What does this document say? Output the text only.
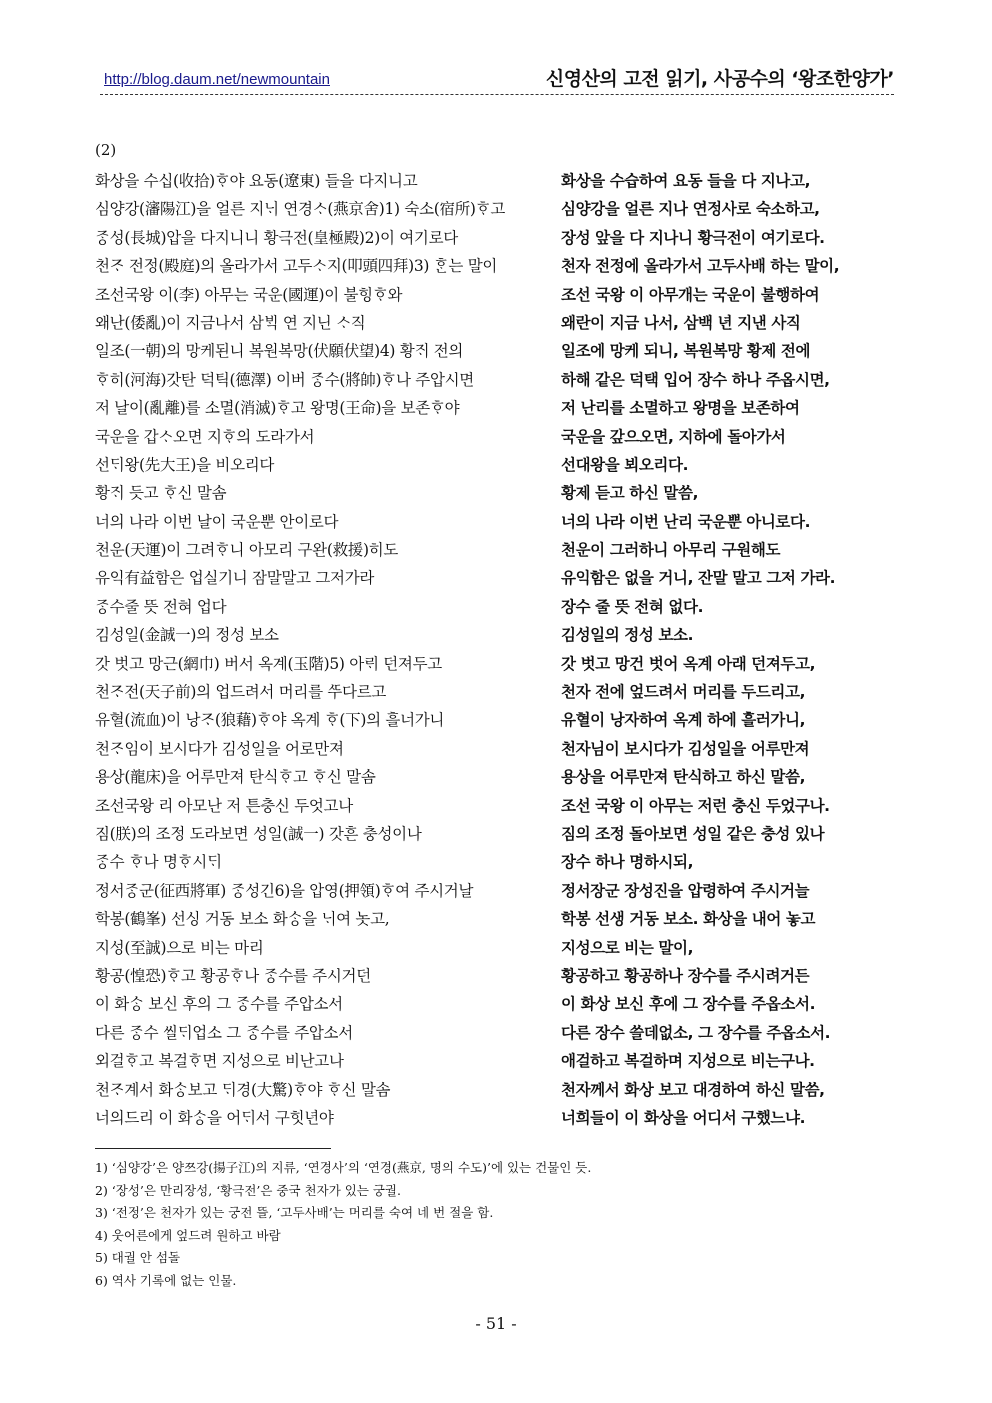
http://blog.daum.net/newmountain	신영산의 고전 읽기, 사공수의 ‘왕조한양가’
(2)
화상을 수십(收拾)ᄒᆞ야 요동(遼東) 들을 다지니고	화상을 수습하여 요동 들을 다 지나고,
심양강(瀋陽江)을 얼른 지ᄂᆡ 연경ᄉᆞ(燕京舍)1) 숙소(宿所)ᄒᆞ고	심양강을 얼른 지나 연정사로 숙소하고,
ᄌᆞᆼ성(長城)압을 다지니니 황극전(皇極殿)2)이 여기로다	장성 앞을 다 지나니 황극전이 여기로다.
천ᄌᆞ 전정(殿庭)의 올라가서 고두ᄉᆞ지(叩頭四拜)3) ᄒᆞᆫ는 말이	천자 전정에 올라가서 고두사배 하는 말이,
조선국왕 이(李) 아무는 국운(國運)이 불힝ᄒᆞ와	조선 국왕 이 아무개는 국운이 불행하여
왜난(倭亂)이 지금나서 삼ᄇᆡᆨ 연 지닌 ᄉᆞ직	왜란이 지금 나서, 삼백 년 지낸 사직
일조(一朝)의 망케된니 복원복망(伏願伏望)4) 황ᄌᆡ 전의	일조에 망케 되니, 복원복망 황제 전에
ᄒᆞ히(河海)갓탄 덕틱(德澤) 이버 ᄌᆞᆼ수(將帥)ᄒᆞ나 주압시면	하해 같은 덕택 입어 장수 하나 주옵시면,
저 날이(亂離)를 소멸(消滅)ᄒᆞ고 왕명(王命)을 보존ᄒᆞ야	저 난리를 소멸하고 왕명을 보존하여
국운을 갑ᄉᆞ오면 지ᄒᆞ의 도라가서	국운을 갚으오면, 지하에 돌아가서
선ᄃᆡ왕(先大王)을 비오리다	선대왕을 뵈오리다.
황ᄌᆡ 듯고 ᄒᆞ신 말솜	황제 듣고 하신 말씀,
너의 나라 이번 날이 국운뿐 안이로다	너의 나라 이번 난리 국운뿐 아니로다.
천운(天運)이 그려ᄒᆞ니 아모리 구완(救援)히도	천운이 그러하니 아무리 구원해도
유익有益함은 업실기니 잠말말고 그저가라	유익함은 없을 거니, 잔말 말고 그저 가라.
ᄌᆞᆼ수줄 뜻 전혀 업다	장수 줄 뜻 전혀 없다.
김성일(金誠一)의 정성 보소	김성일의 정성 보소.
갓 벗고 망근(網巾) 버서 옥계(玉階)5) 아ᄅᆡ 던져두고	갓 벗고 망건 벗어 옥계 아래 던져두고,
천ᄌᆞ전(天子前)의 업드려서 머리를 ᄯᅮ다르고	천자 전에 엎드려서 머리를 두드리고,
유혈(流血)이 낭ᄌᆞ(狼藉)ᄒᆞ야 옥계 ᄒᆞ(下)의 흘너가니	유혈이 낭자하여 옥계 하에 흘러가니,
천ᄌᆞ임이 보시다가 김성일을 어로만져	천자님이 보시다가 김성일을 어루만져
용상(龍床)을 어루만져 탄식ᄒᆞ고 ᄒᆞ신 말솜	용상을 어루만져 탄식하고 하신 말씀,
조선국왕 리 아모난 저 튼충신 두엇고나	조선 국왕 이 아무는 저런 충신 두었구나.
짐(朕)의 조정 도라보면 성일(誠一) 갓흔 충성이나	짐의 조정 돌아보면 성일 같은 충성 있나
ᄌᆞᆼ수 ᄒᆞ나 명ᄒᆞ시ᄃᆡ	장수 하나 명하시되,
정서ᄌᆞᆼ군(征西將軍) ᄌᆞᆼ성긴6)을 압영(押領)ᄒᆞ여 주시거날	정서장군 장성진을 압령하여 주시거늘
학봉(鶴峯) 선싱 거동 보소 화ᄉᆞᆼ을 ᄂᆡ여 놋고,	학봉 선생 거동 보소. 화상을 내어 놓고
지성(至誠)으로 비는 마리	지성으로 비는 말이,
황공(惶恐)ᄒᆞ고 황공ᄒᆞ나 ᄌᆞᆼ수를 주시거던	황공하고 황공하나 장수를 주시려거든
이 화ᄉᆞᆼ 보신 후의 그 ᄌᆞᆼ수를 주압소서	이 화상 보신 후에 그 장수를 주옵소서.
다른 ᄌᆞᆼ수 씰ᄃᆡ업소 그 ᄌᆞᆼ수를 주압소서	다른 장수 쓸데없소, 그 장수를 주옵소서.
외걸ᄒᆞ고 복걸ᄒᆞ면 지성으로 비난고나	애걸하고 복걸하며 지성으로 비는구나.
천ᄌᆞ계서 화ᄉᆞᆼ보고 ᄃᆡ경(大驚)ᄒᆞ야 ᄒᆞ신 말솜	천자께서 화상 보고 대경하여 하신 말씀,
너의드리 이 화ᄉᆞᆼ을 어ᄃᆡ서 구힛년야	너희들이 이 화상을 어디서 구했느냐.
1) ‘심양강’은 양쯔강(揚子江)의 지류, ‘연경사’의 ‘연경(燕京, 명의 수도)’에 있는 건물인 듯.
2) ‘장성’은 만리장성, ‘황극전’은 중국 천자가 있는 궁궐.
3) ‘전정’은 천자가 있는 궁전 뜰, ‘고두사배’는 머리를 숙여 네 번 절을 함.
4) 웃어른에게 엎드려 원하고 바람
5) 대궐 안 섬돌
6) 역사 기록에 없는 인물.
- 51 -
